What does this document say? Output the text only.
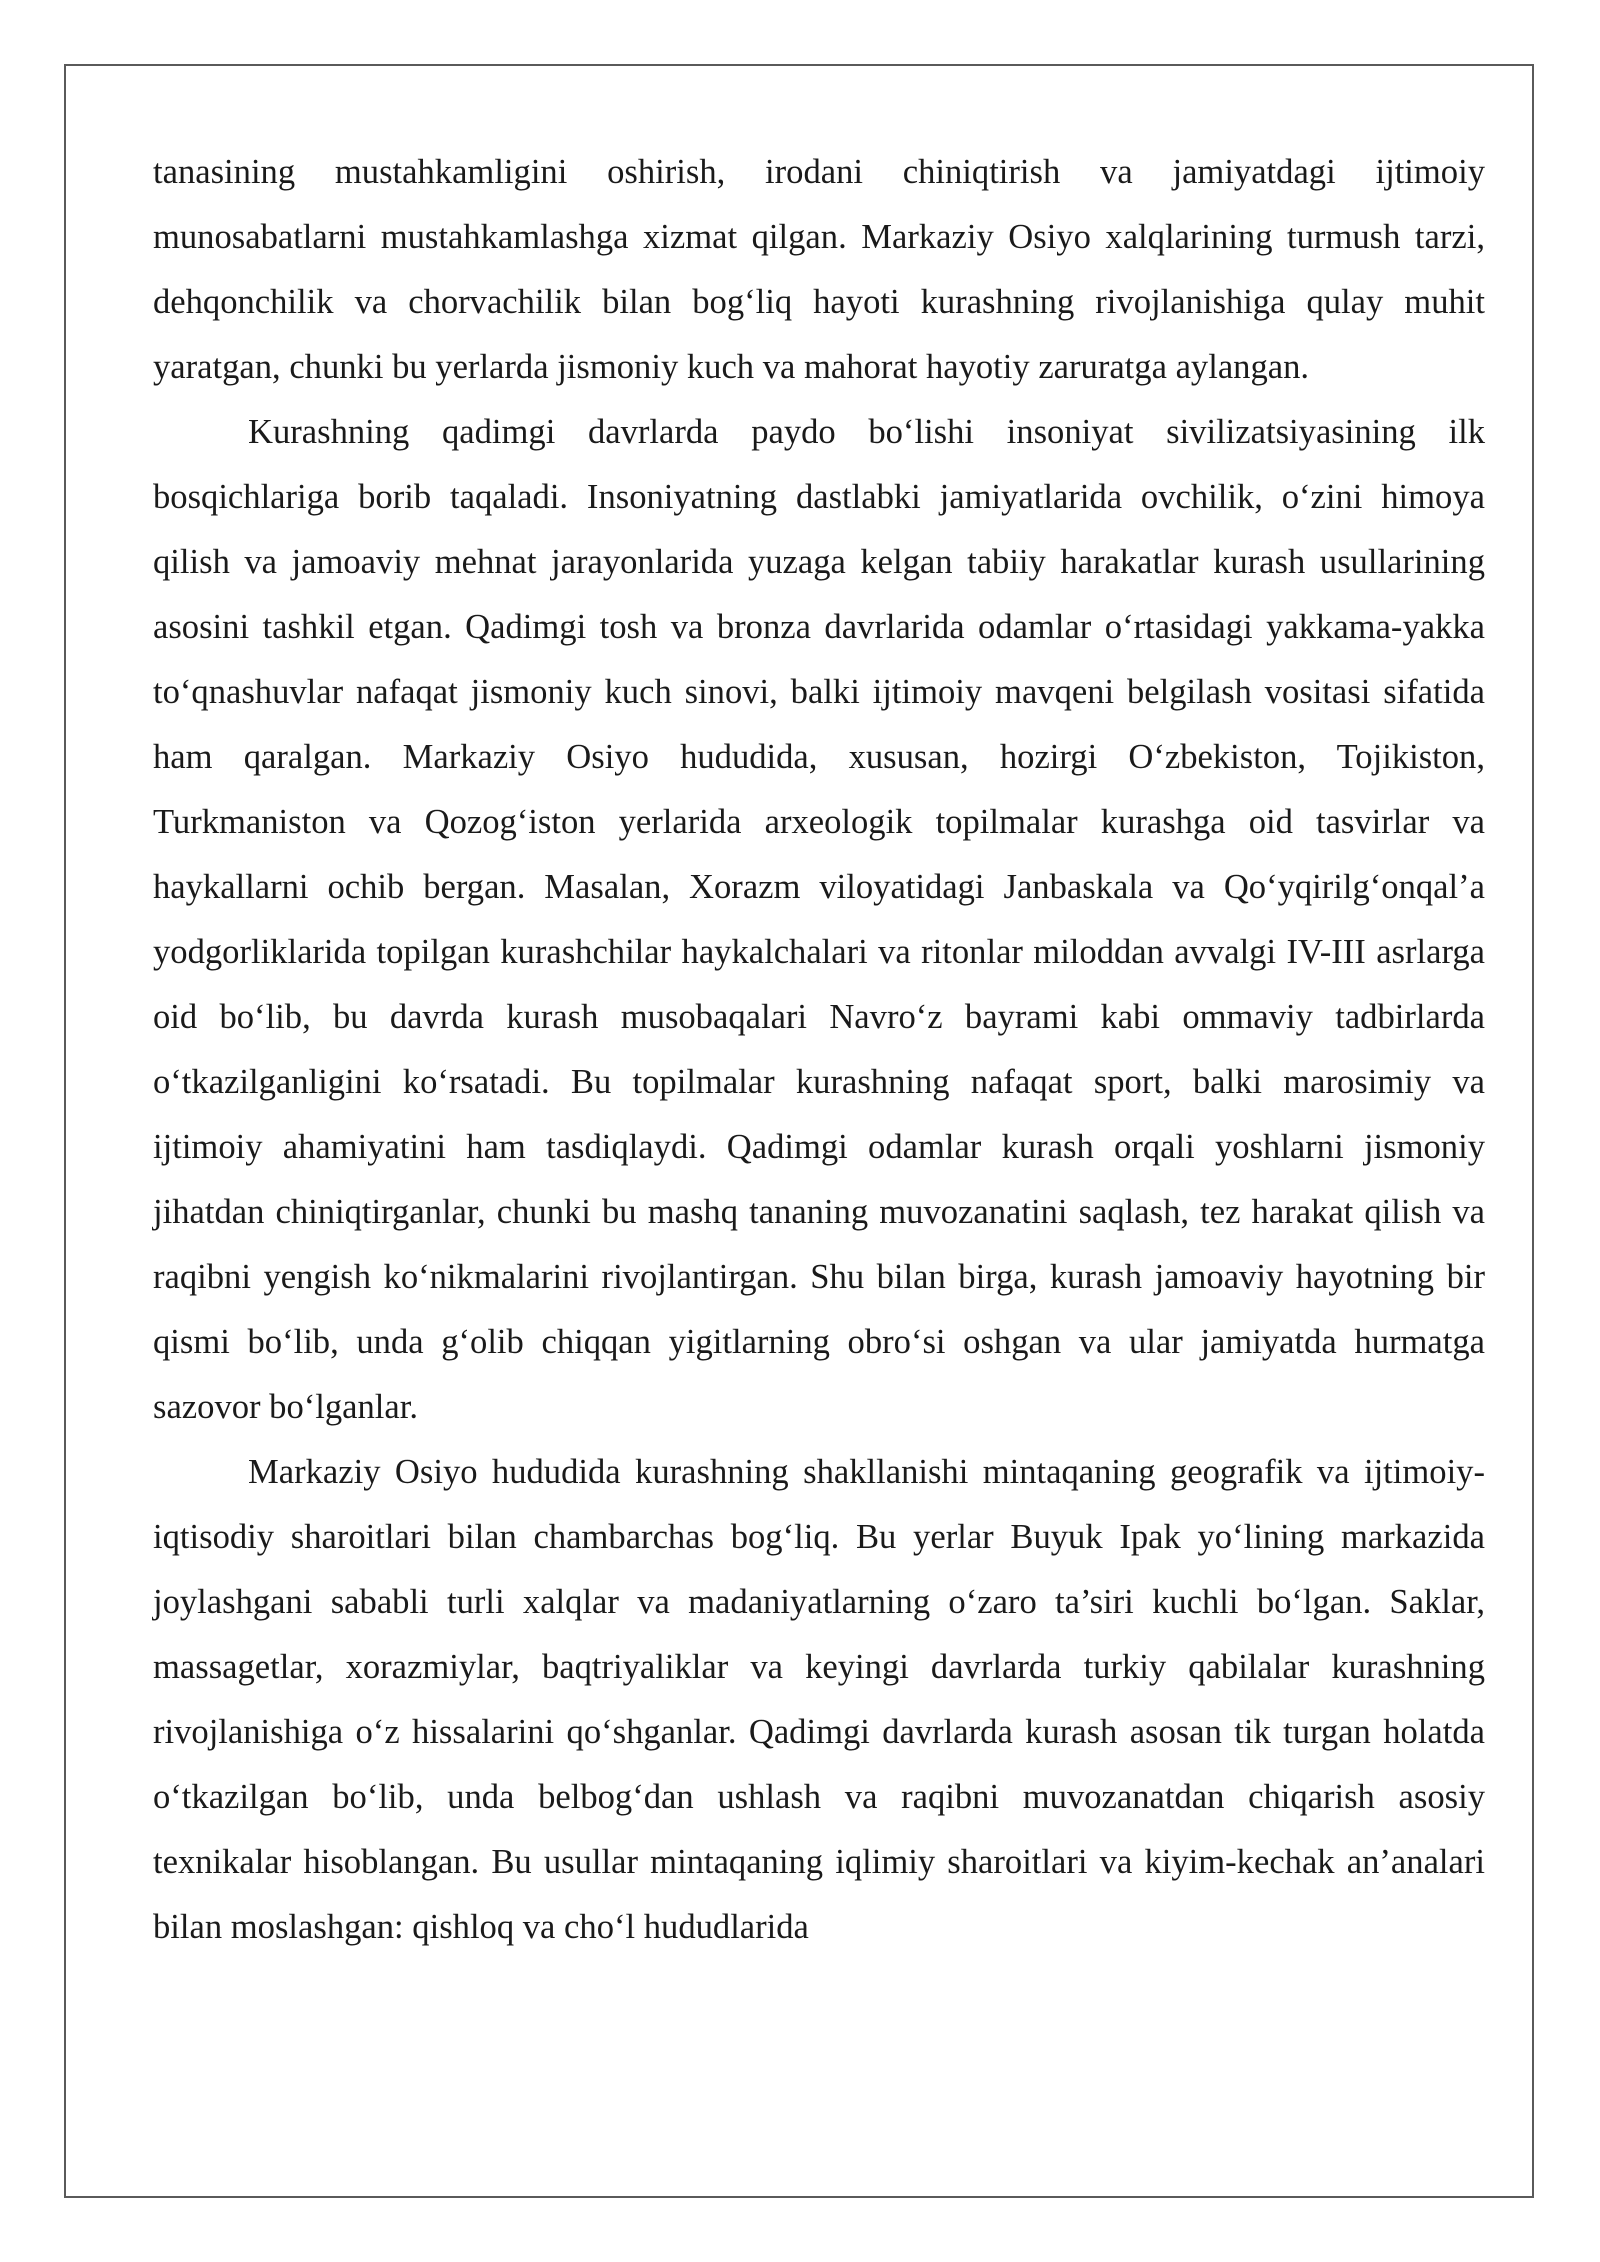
tanasining mustahkamligini oshirish, irodani chiniqtirish va jamiyatdagi ijtimoiy munosabatlarni mustahkamlashga xizmat qilgan. Markaziy Osiyo xalqlarining turmush tarzi, dehqonchilik va chorvachilik bilan bog‘liq hayoti kurashning rivojlanishiga qulay muhit yaratgan, chunki bu yerlarda jismoniy kuch va mahorat hayotiy zaruratga aylangan.

Kurashning qadimgi davrlarda paydo bo‘lishi insoniyat sivilizatsiyasining ilk bosqichlariga borib taqaladi. Insoniyatning dastlabki jamiyatlarida ovchilik, o‘zini himoya qilish va jamoaviy mehnat jarayonlarida yuzaga kelgan tabiiy harakatlar kurash usullarining asosini tashkil etgan. Qadimgi tosh va bronza davrlarida odamlar o‘rtasidagi yakkama-yakka to‘qnashuvlar nafaqat jismoniy kuch sinovi, balki ijtimoiy mavqeni belgilash vositasi sifatida ham qaralgan. Markaziy Osiyo hududida, xususan, hozirgi O‘zbekiston, Tojikiston, Turkmaniston va Qozog‘iston yerlarida arxeologik topilmalar kurashga oid tasvirlar va haykallarni ochib bergan. Masalan, Xorazm viloyatidagi Janbaskala va Qo‘yqirilg‘onqal’a yodgorliklarida topilgan kurashchilar haykalchalari va ritonlar miloddan avvalgi IV-III asrlarga oid bo‘lib, bu davrda kurash musobaqalari Navro‘z bayrami kabi ommaviy tadbirlarda o‘tkazilganligini ko‘rsatadi. Bu topilmalar kurashning nafaqat sport, balki marosimiy va ijtimoiy ahamiyatini ham tasdiqlaydi. Qadimgi odamlar kurash orqali yoshlarni jismoniy jihatdan chiniqtirganlar, chunki bu mashq tananing muvozanatini saqlash, tez harakat qilish va raqibni yengish ko‘nikmalarini rivojlantirgan. Shu bilan birga, kurash jamoaviy hayotning bir qismi bo‘lib, unda g‘olib chiqqan yigitlarning obro‘si oshgan va ular jamiyatda hurmatga sazovor bo‘lganlar.

Markaziy Osiyo hududida kurashning shakllanishi mintaqaning geografik va ijtimoiy-iqtisodiy sharoitlari bilan chambarchas bog‘liq. Bu yerlar Buyuk Ipak yo‘lining markazida joylashgani sababli turli xalqlar va madaniyatlarning o‘zaro ta’siri kuchli bo‘lgan. Saklar, massagetlar, xorazmiylar, baqtriyaliklar va keyingi davrlarda turkiy qabilalar kurashning rivojlanishiga o‘z hissalarini qo‘shganlar. Qadimgi davrlarda kurash asosan tik turgan holatda o‘tkazilgan bo‘lib, unda belbog‘dan ushlash va raqibni muvozanatdan chiqarish asosiy texnikalar hisoblangan. Bu usullar mintaqaning iqlimiy sharoitlari va kiyim-kechak an’analari bilan moslashgan: qishloq va cho‘l hududlarida
